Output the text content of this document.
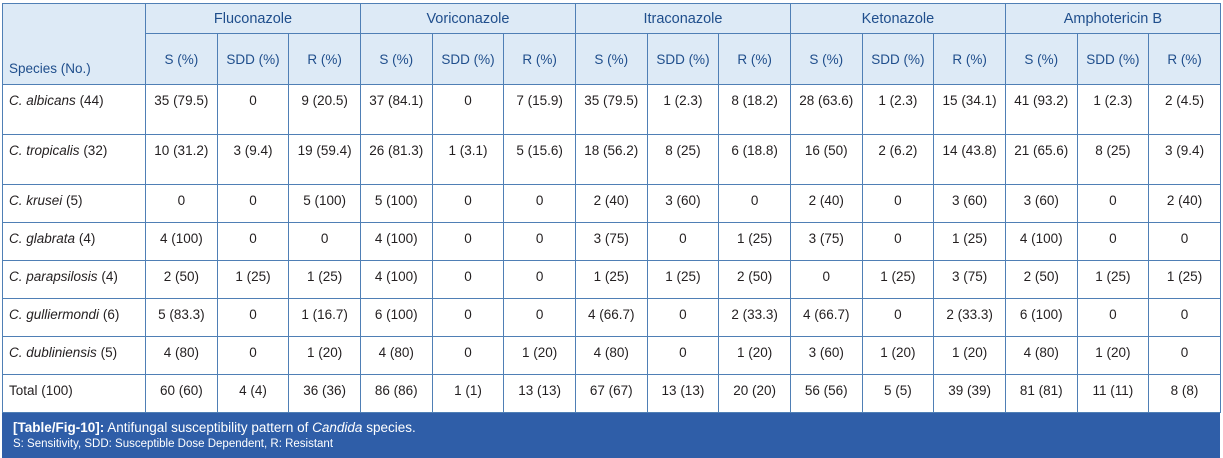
Species (No.)	Fluconazole			Voriconazole			Itraconazole			Ketonazole			Amphotericin B		
	S (%)	SDD (%)	R (%)	S (%)	SDD (%)	R (%)	S (%)	SDD (%)	R (%)	S (%)	SDD (%)	R (%)	S (%)	SDD (%)	R (%)
C. albicans (44)	35 (79.5)	0	9 (20.5)	37 (84.1)	0	7 (15.9)	35 (79.5)	1 (2.3)	8 (18.2)	28 (63.6)	1 (2.3)	15 (34.1)	41 (93.2)	1 (2.3)	2 (4.5)
C. tropicalis (32)	10 (31.2)	3 (9.4)	19 (59.4)	26 (81.3)	1 (3.1)	5 (15.6)	18 (56.2)	8 (25)	6 (18.8)	16 (50)	2 (6.2)	14 (43.8)	21 (65.6)	8 (25)	3 (9.4)
C. krusei (5)	0	0	5 (100)	5 (100)	0	0	2 (40)	3 (60)	0	2 (40)	0	3 (60)	3 (60)	0	2 (40)
C. glabrata (4)	4 (100)	0	0	4 (100)	0	0	3 (75)	0	1 (25)	3 (75)	0	1 (25)	4 (100)	0	0
C. parapsilosis (4)	2 (50)	1 (25)	1 (25)	4 (100)	0	0	1 (25)	1 (25)	2 (50)	0	1 (25)	3 (75)	2 (50)	1 (25)	1 (25)
C. gulliermondi (6)	5 (83.3)	0	1 (16.7)	6 (100)	0	0	4 (66.7)	0	2 (33.3)	4 (66.7)	0	2 (33.3)	6 (100)	0	0
C. dubliniensis (5)	4 (80)	0	1 (20)	4 (80)	0	1 (20)	4 (80)	0	1 (20)	3 (60)	1 (20)	1 (20)	4 (80)	1 (20)	0
Total (100)	60 (60)	4 (4)	36 (36)	86 (86)	1 (1)	13 (13)	67 (67)	13 (13)	20 (20)	56 (56)	5 (5)	39 (39)	81 (81)	11 (11)	8 (8)
[Table/Fig-10]: Antifungal susceptibility pattern of Candida species.
S: Sensitivity, SDD: Susceptible Dose Dependent, R: Resistant
